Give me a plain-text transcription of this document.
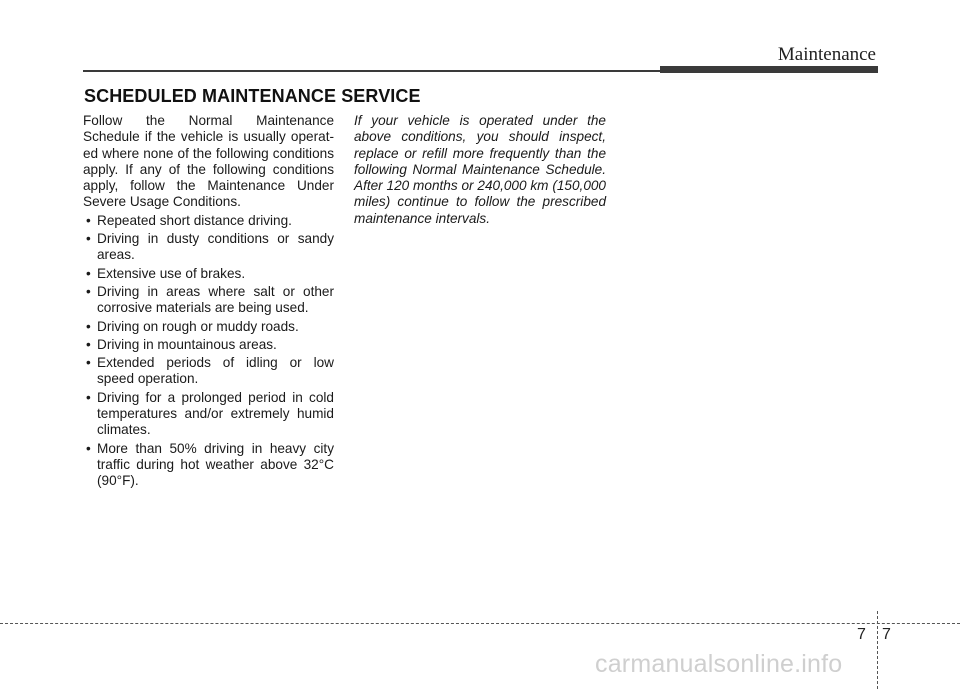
Maintenance
SCHEDULED MAINTENANCE SERVICE

Follow the Normal Maintenance Schedule if the vehicle is usually operat-ed where none of the following conditions apply. If any of the following conditions apply, follow the Maintenance Under Severe Usage Conditions.

• Repeated short distance driving.
• Driving in dusty conditions or sandy areas.
• Extensive use of brakes.
• Driving in areas where salt or other corrosive materials are being used.
• Driving on rough or muddy roads.
• Driving in mountainous areas.
• Extended periods of idling or low speed operation.
• Driving for a prolonged period in cold temperatures and/or extremely humid climates.
• More than 50% driving in heavy city traffic during hot weather above 32°C (90°F).

If your vehicle is operated under the above conditions, you should inspect, replace or refill more frequently than the following Normal Maintenance Schedule. After 120 months or 240,000 km (150,000 miles) continue to follow the prescribed maintenance intervals.

7 7
carmanualsonline.info
